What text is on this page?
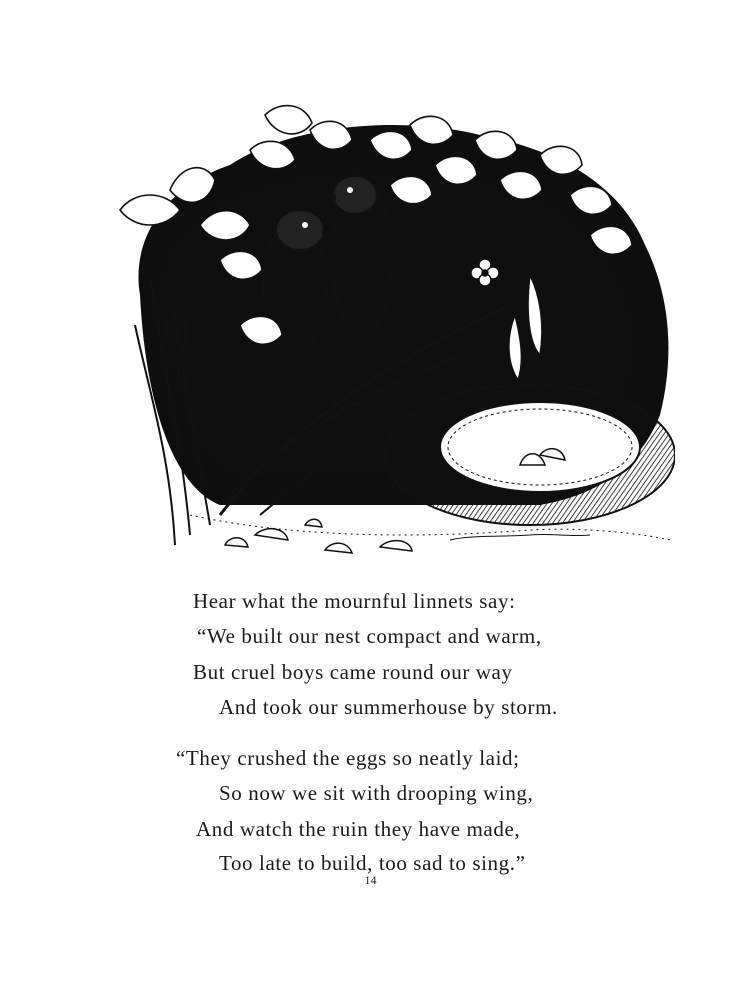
Hear what the mournful linnets say:
“We built our nest compact and warm,
But cruel boys came round our way
And took our summerhouse by storm.
“They crushed the eggs so neatly laid;
So now we sit with drooping wing,
And watch the ruin they have made,
Too late to build, too sad to sing.”
14
